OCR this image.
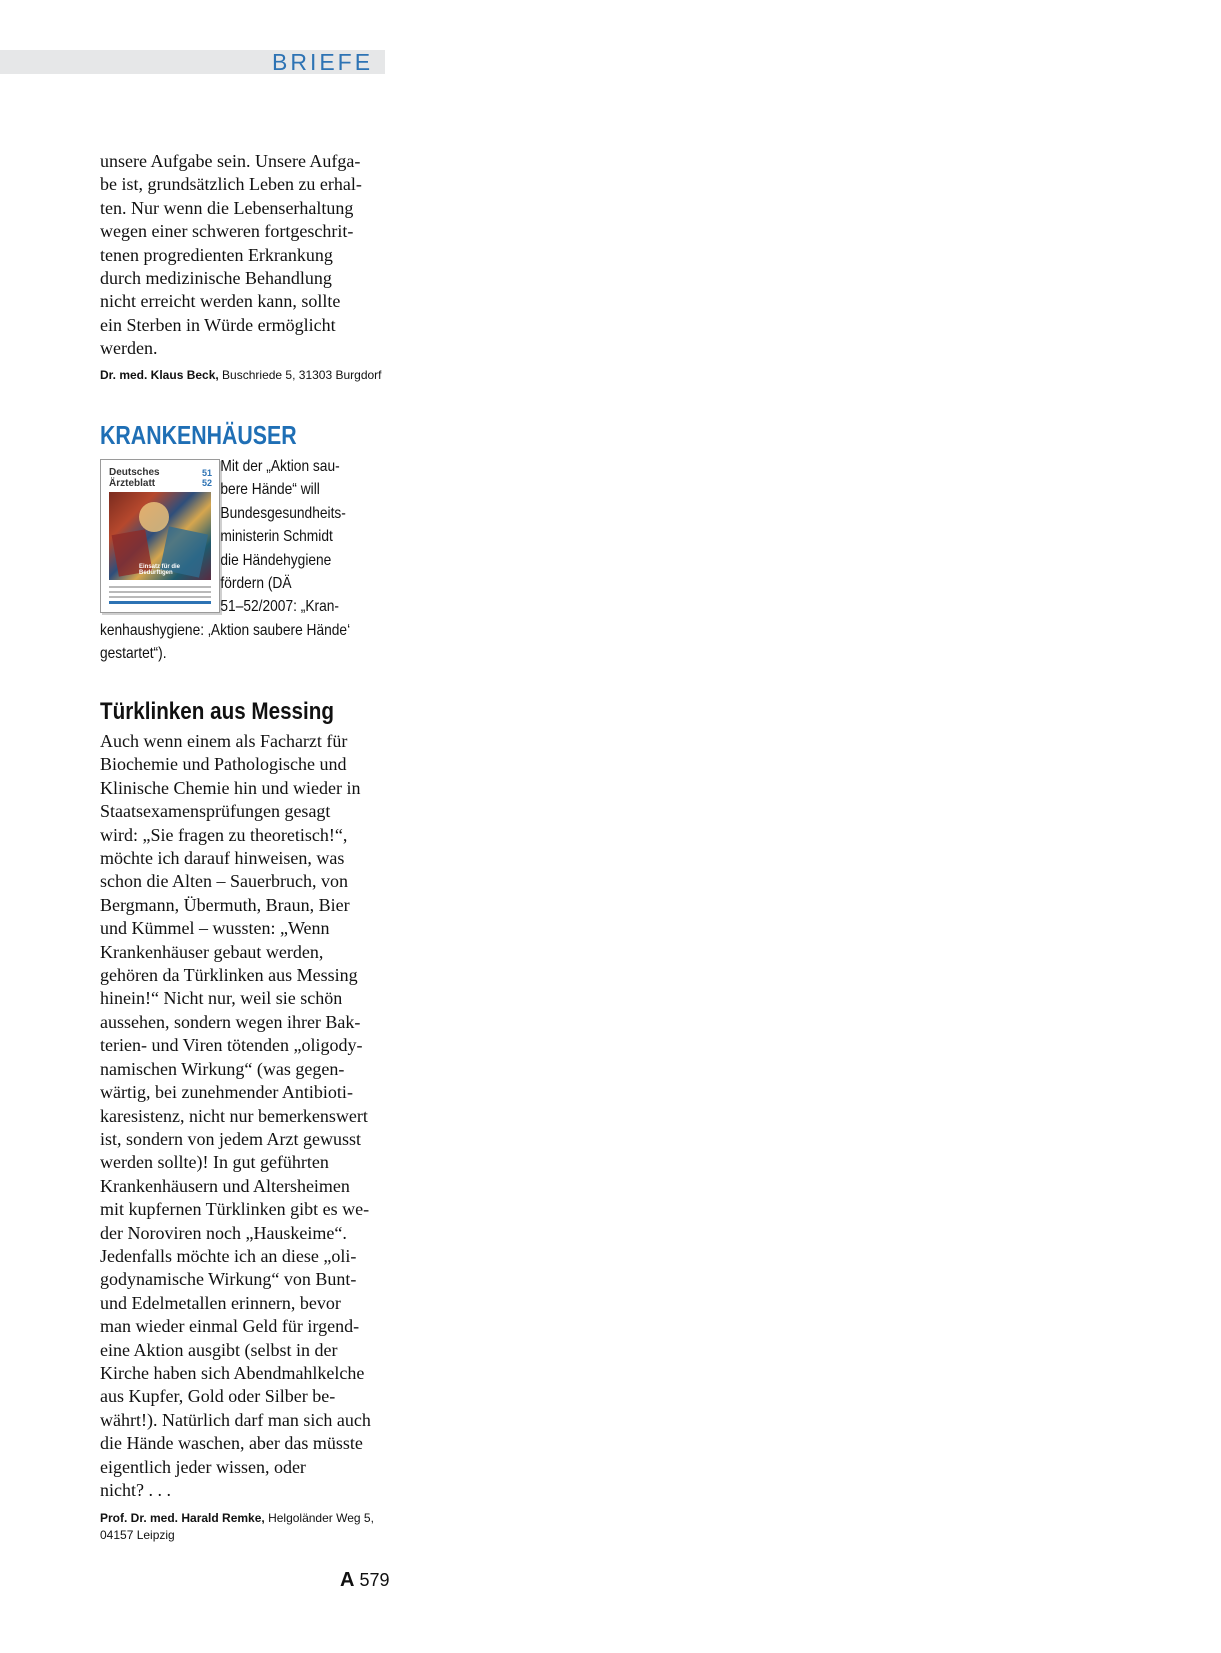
BRIEFE

unsere Aufgabe sein. Unsere Aufga-
be ist, grundsätzlich Leben zu erhal-
ten. Nur wenn die Lebenserhaltung
wegen einer schweren fortgeschrit-
tenen progredienten Erkrankung
durch medizinische Behandlung
nicht erreicht werden kann, sollte
ein Sterben in Würde ermöglicht
werden.

Dr. med. Klaus Beck, Buschriede 5, 31303 Burgdorf

KRANKENHÄUSER
Deutsches
Ärzteblatt
51
52
Einsatz für die Bedürftigen
Mit der „Aktion sau-
bere Hände“ will
Bundesgesundheits-
ministerin Schmidt
die Händehygiene
fördern (DÄ
51–52/2007: „Kran-
kenhaushygiene: ‚Aktion saubere Hände‘
gestartet“).
Türklinken aus Messing

Auch wenn einem als Facharzt für
Biochemie und Pathologische und
Klinische Chemie hin und wieder in
Staatsexamensprüfungen gesagt
wird: „Sie fragen zu theoretisch!“,
möchte ich darauf hinweisen, was
schon die Alten – Sauerbruch, von
Bergmann, Übermuth, Braun, Bier
und Kümmel – wussten: „Wenn
Krankenhäuser gebaut werden,
gehören da Türklinken aus Messing
hinein!“ Nicht nur, weil sie schön
aussehen, sondern wegen ihrer Bak-
terien- und Viren tötenden „oligody-
namischen Wirkung“ (was gegen-
wärtig, bei zunehmender Antibioti-
karesistenz, nicht nur bemerkenswert
ist, sondern von jedem Arzt gewusst
werden sollte)! In gut geführten
Krankenhäusern und Altersheimen
mit kupfernen Türklinken gibt es we-
der Noroviren noch „Hauskeime“.
Jedenfalls möchte ich an diese „oli-
godynamische Wirkung“ von Bunt-
und Edelmetallen erinnern, bevor
man wieder einmal Geld für irgend-
eine Aktion ausgibt (selbst in der
Kirche haben sich Abendmahlkelche
aus Kupfer, Gold oder Silber be-
währt!). Natürlich darf man sich auch
die Hände waschen, aber das müsste
eigentlich jeder wissen, oder
nicht? . . .

Prof. Dr. med. Harald Remke, Helgoländer Weg 5,
04157 Leipzig

A 579
